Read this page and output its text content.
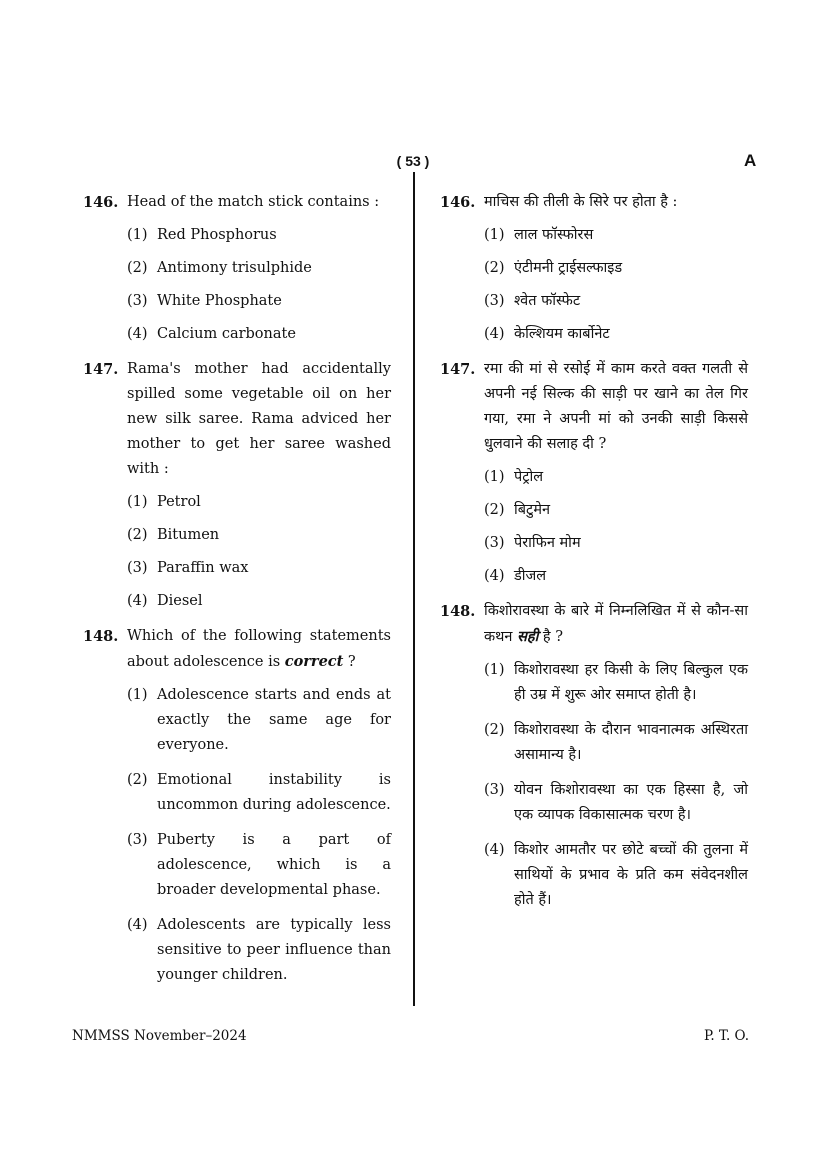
( 53 )	A
146. Head of the match stick contains :
(1) Red Phosphorus
(2) Antimony trisulphide
(3) White Phosphate
(4) Calcium carbonate
147. Rama's mother had accidentally spilled some vegetable oil on her new silk saree. Rama adviced her mother to get her saree washed with :
(1) Petrol
(2) Bitumen
(3) Paraffin wax
(4) Diesel
148. Which of the following statements about adolescence is correct ?
(1) Adolescence starts and ends at exactly the same age for everyone.
(2) Emotional instability is uncommon during adolescence.
(3) Puberty is a part of adolescence, which is a broader developmental phase.
(4) Adolescents are typically less sensitive to peer influence than younger children.
146. माचिस की तीली के सिरे पर होता है :
(1) लाल फॉस्फोरस
(2) एंटीमनी ट्राईसल्फाइड
(3) श्वेत फॉस्फेट
(4) केल्शियम कार्बोनेट
147. रमा की मां से रसोई में काम करते वक्त गलती से अपनी नई सिल्क की साड़ी पर खाने का तेल गिर गया, रमा ने अपनी मां को उनकी साड़ी किससे धुलवाने की सलाह दी ?
(1) पेट्रोल
(2) बिटुमेन
(3) पेराफिन मोम
(4) डीजल
148. किशोरावस्था के बारे में निम्नलिखित में से कौन-सा कथन सही है ?
(1) किशोरावस्था हर किसी के लिए बिल्कुल एक ही उम्र में शुरू ओर समाप्त होती है।
(2) किशोरावस्था के दौरान भावनात्मक अस्थिरता असामान्य है।
(3) योवन किशोरावस्था का एक हिस्सा है, जो एक व्यापक विकासात्मक चरण है।
(4) किशोर आमतौर पर छोटे बच्चों की तुलना में साथियों के प्रभाव के प्रति कम संवेदनशील होते हैं।
NMMSS November–2024	P. T. O.
